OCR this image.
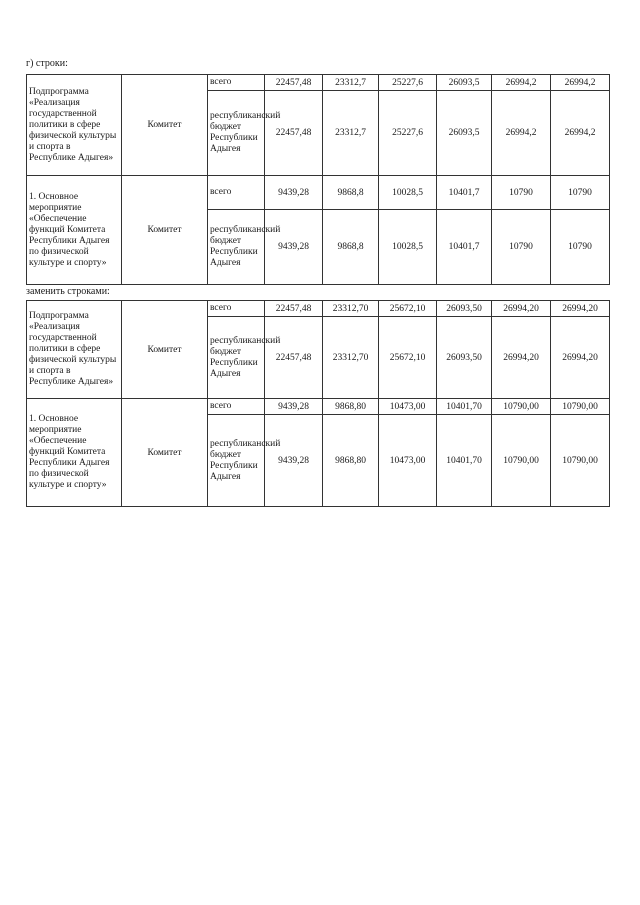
г) строки:
Подпрограмма «Реализация государственной политики в сфере физической культуры и спорта в Республике Адыгея»	Комитет	всего	22457,48	23312,7	25227,6	26093,5	26994,2	26994,2
		республиканский бюджет Республики Адыгея	22457,48	23312,7	25227,6	26093,5	26994,2	26994,2
1. Основное мероприятие «Обеспечение функций Комитета Республики Адыгея по физической культуре и спорту»	Комитет	всего	9439,28	9868,8	10028,5	10401,7	10790	10790
		республиканский бюджет Республики Адыгея	9439,28	9868,8	10028,5	10401,7	10790	10790
заменить строками:
Подпрограмма «Реализация государственной политики в сфере физической культуры и спорта в Республике Адыгея»	Комитет	всего	22457,48	23312,70	25672,10	26093,50	26994,20	26994,20
		республиканский бюджет Республики Адыгея	22457,48	23312,70	25672,10	26093,50	26994,20	26994,20
1. Основное мероприятие «Обеспечение функций Комитета Республики Адыгея по физической культуре и спорту»	Комитет	всего	9439,28	9868,80	10473,00	10401,70	10790,00	10790,00
		республиканский бюджет Республики Адыгея	9439,28	9868,80	10473,00	10401,70	10790,00	10790,00
